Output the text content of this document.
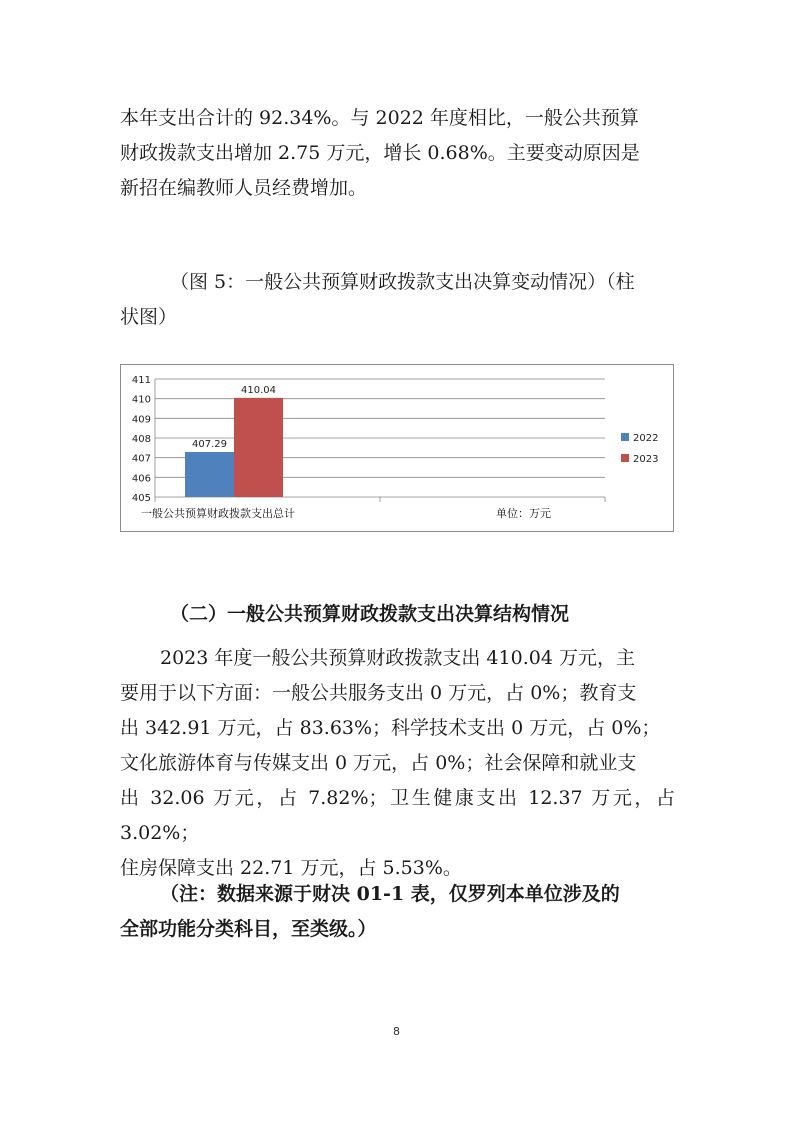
本年支出合计的 92.34%。与 2022 年度相比，一般公共预算
财政拨款支出增加 2.75 万元，增长 0.68%。主要变动原因是
新招在编教师人员经费增加。
（图 5：一般公共预算财政拨款支出决算变动情况）（柱
状图）
405
406
407
408
409
410
411
407.29
410.04
一般公共预算财政拨款支出总计	单位：万元
2022
2023
（二）一般公共预算财政拨款支出决算结构情况
2023 年度一般公共预算财政拨款支出 410.04 万元，主
要用于以下方面：一般公共服务支出 0 万元，占 0%；教育支
出 342.91 万元，占 83.63%；科学技术支出 0 万元，占 0%；
文化旅游体育与传媒支出 0 万元，占 0%；社会保障和就业支
出 32.06 万元，占 7.82%；卫生健康支出 12.37 万元，占 3.02%；
住房保障支出 22.71 万元，占 5.53%。
（注：数据来源于财决 01-1 表，仅罗列本单位涉及的
全部功能分类科目，至类级。）
8
